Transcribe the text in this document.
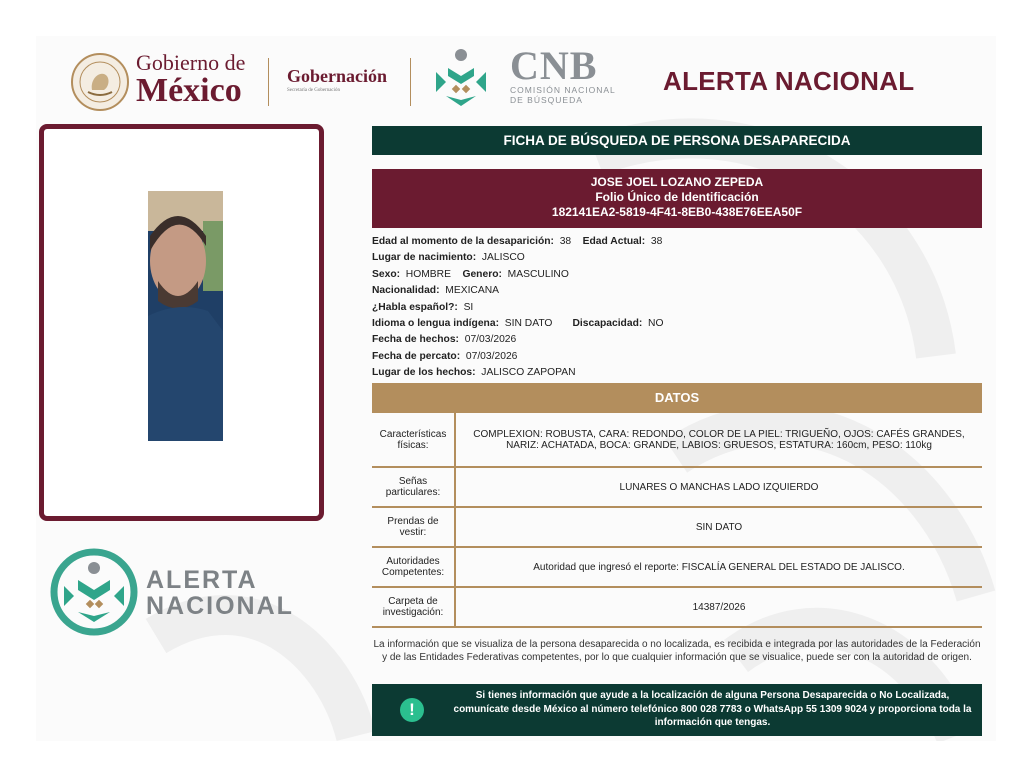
Gobierno de
México	Gobernación
Secretaría de Gobernación
CNB
COMISIÓN NACIONAL
DE BÚSQUEDA
ALERTA NACIONAL
ALERTA
NACIONAL
FICHA DE BÚSQUEDA DE PERSONA DESAPARECIDA
JOSE JOEL LOZANO ZEPEDA
Folio Único de Identificación
182141EA2-5819-4F41-8EB0-438E76EEA50F
Edad al momento de la desaparición: 38 Edad Actual: 38
Lugar de nacimiento: JALISCO
Sexo: HOMBRE Genero: MASCULINO
Nacionalidad: MEXICANA
¿Habla español?: SI
Idioma o lengua indígena: SIN DATO Discapacidad: NO
Fecha de hechos: 07/03/2026
Fecha de percato: 07/03/2026
Lugar de los hechos: JALISCO ZAPOPAN
DATOS
Características físicas:	COMPLEXION: ROBUSTA, CARA: REDONDO, COLOR DE LA PIEL: TRIGUEÑO, OJOS: CAFÉS GRANDES, NARIZ: ACHATADA, BOCA: GRANDE, LABIOS: GRUESOS, ESTATURA: 160cm, PESO: 110kg
Señas particulares:	LUNARES O MANCHAS LADO IZQUIERDO
Prendas de vestir:	SIN DATO
Autoridades Competentes:	Autoridad que ingresó el reporte: FISCALÍA GENERAL DEL ESTADO DE JALISCO.
Carpeta de investigación:	14387/2026
La información que se visualiza de la persona desaparecida o no localizada, es recibida e integrada por las autoridades de la Federación y de las Entidades Federativas competentes, por lo que cualquier información que se visualice, puede ser con la autoridad de origen.
!
Si tienes información que ayude a la localización de alguna Persona Desaparecida o No Localizada, comunícate desde México al número telefónico 800 028 7783 o WhatsApp 55 1309 9024 y proporciona toda la información que tengas.
